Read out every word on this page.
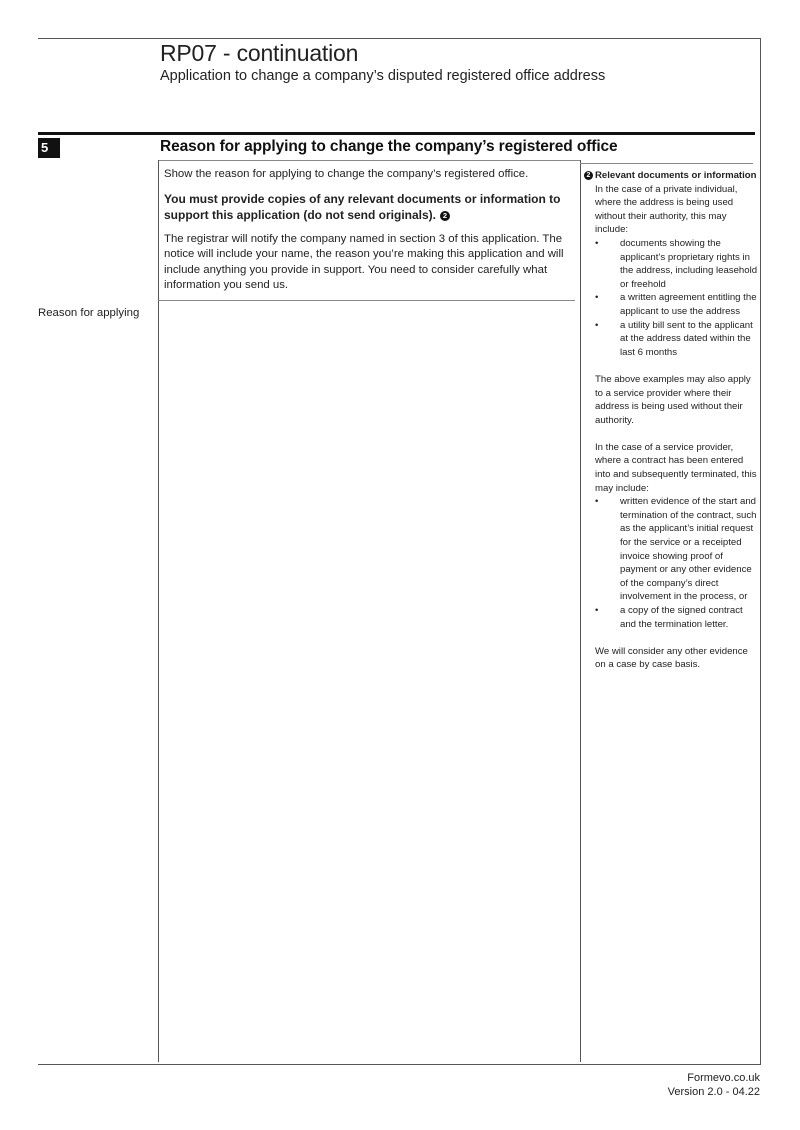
RP07 - continuation
Application to change a company’s disputed registered office address
5	Reason for applying to change the company’s registered office

Show the reason for applying to change the company’s registered office.

You must provide copies of any relevant documents or information to support this application (do not send originals). 2

The registrar will notify the company named in section 3 of this application. The notice will include your name, the reason you’re making this application and will include anything you provide in support. You need to consider carefully what information you send us.

Reason for applying
2 Relevant documents or information
In the case of a private individual, where the address is being used without their authority, this may include:
• documents showing the applicant’s proprietary rights in the address, including leasehold or freehold
• a written agreement entitling the applicant to use the address
• a utility bill sent to the applicant at the address dated within the last 6 months
The above examples may also apply to a service provider where their address is being used without their authority.
In the case of a service provider, where a contract has been entered into and subsequently terminated, this may include:
• written evidence of the start and termination of the contract, such as the applicant’s initial request for the service or a receipted invoice showing proof of payment or any other evidence of the company’s direct involvement in the process, or
• a copy of the signed contract and the termination letter.
We will consider any other evidence on a case by case basis.
Formevo.co.uk
Version 2.0 - 04.22
